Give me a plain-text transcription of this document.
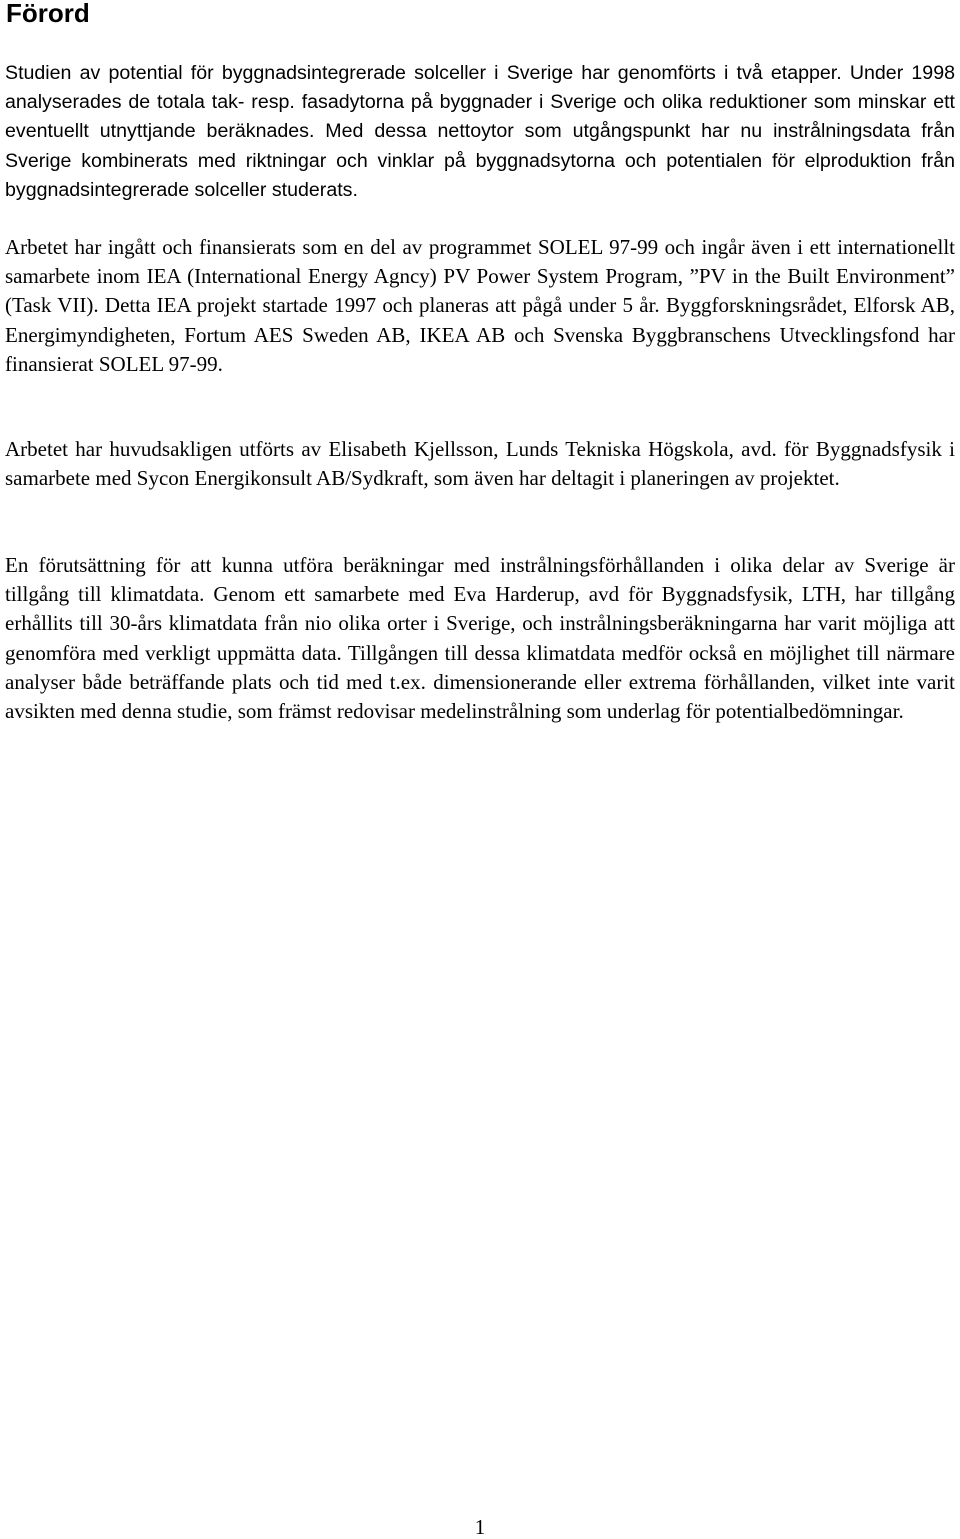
Förord

Studien av potential för byggnadsintegrerade solceller i Sverige har genomförts i två etapper. Under 1998 analyserades de totala tak- resp. fasadytorna på byggnader i Sverige och olika reduktioner som minskar ett eventuellt utnyttjande beräknades. Med dessa nettoytor som utgångspunkt har nu instrålningsdata från Sverige kombinerats med riktningar och vinklar på byggnadsytorna och potentialen för elproduktion från byggnadsintegrerade solceller studerats.

Arbetet har ingått och finansierats som en del av programmet SOLEL 97-99 och ingår även i ett internationellt samarbete inom IEA (International Energy Agncy) PV Power System Program, ”PV in the Built Environment” (Task VII). Detta IEA projekt startade 1997 och planeras att pågå under 5 år. Byggforskningsrådet, Elforsk AB, Energimyndigheten, Fortum AES Sweden AB, IKEA AB och Svenska Byggbranschens Utvecklingsfond har finansierat SOLEL 97-99.

Arbetet har huvudsakligen utförts av Elisabeth Kjellsson, Lunds Tekniska Högskola, avd. för Byggnadsfysik i samarbete med Sycon Energikonsult AB/Sydkraft, som även har deltagit i planeringen av projektet.

En förutsättning för att kunna utföra beräkningar med instrålningsförhållanden i olika delar av Sverige är tillgång till klimatdata. Genom ett samarbete med Eva Harderup, avd för Byggnadsfysik, LTH, har tillgång erhållits till 30-års klimatdata från nio olika orter i Sverige, och instrålningsberäkningarna har varit möjliga att genomföra med verkligt uppmätta data. Tillgången till dessa klimatdata medför också en möjlighet till närmare analyser både beträffande plats och tid med t.ex. dimensionerande eller extrema förhållanden, vilket inte varit avsikten med denna studie, som främst redovisar medelinstrålning som underlag för potentialbedömningar.

1
